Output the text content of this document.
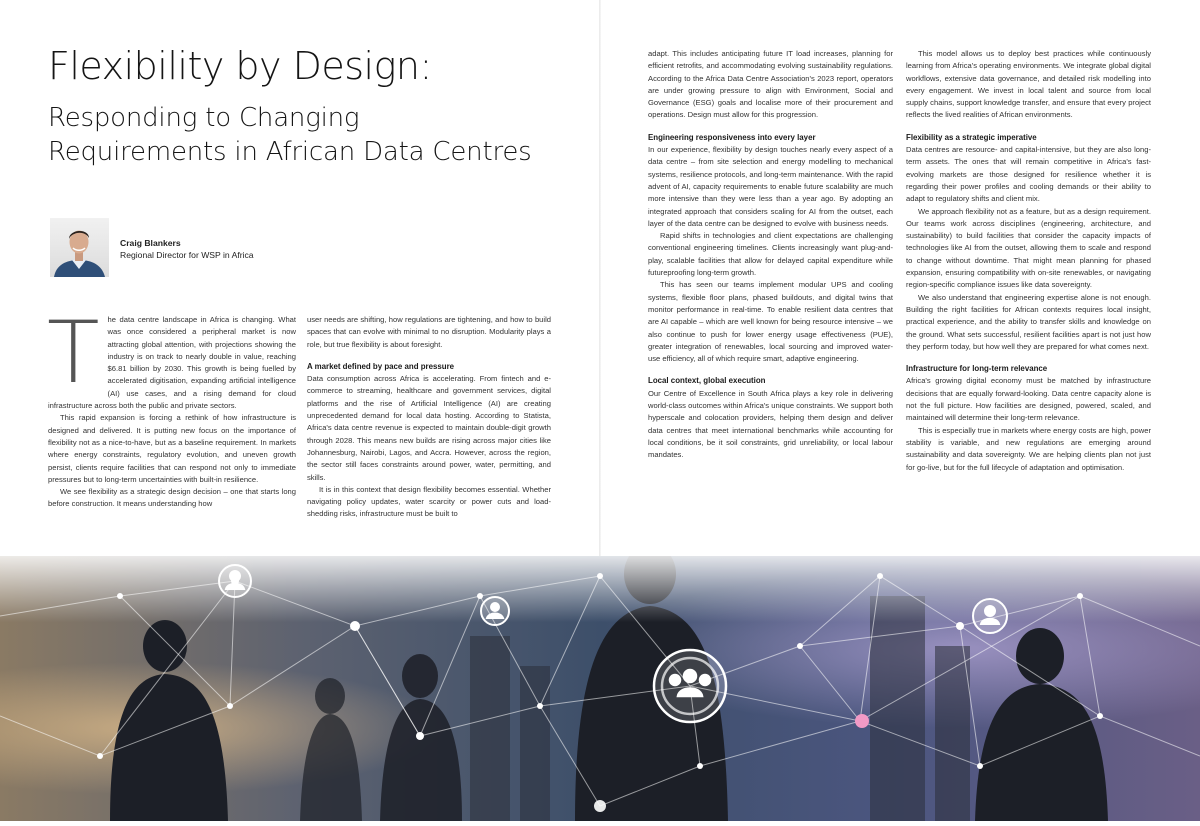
Flexibility by Design:
Responding to Changing
Requirements in African Data Centres
Craig Blankers
Regional Director for WSP in Africa

T he data centre landscape in Africa is changing. What was once considered a peripheral market is now attracting global attention, with projections showing the industry is on track to nearly double in value, reaching $6.81 billion by 2030. This growth is being fuelled by accelerated digitisation, expanding artificial intelligence (AI) use cases, and a rising demand for cloud infrastructure across both the public and private sectors.

This rapid expansion is forcing a rethink of how infrastructure is designed and delivered. It is putting new focus on the importance of flexibility not as a nice-to-have, but as a baseline requirement. In markets where energy constraints, regulatory evolution, and uneven growth persist, clients require facilities that can respond not only to immediate pressures but to long-term uncertainties with built-in resilience.

We see flexibility as a strategic design decision – one that starts long before construction. It means understanding how

user needs are shifting, how regulations are tightening, and how to build spaces that can evolve with minimal to no disruption. Modularity plays a role, but true flexibility is about foresight.

A market defined by pace and pressure

Data consumption across Africa is accelerating. From fintech and e-commerce to streaming, healthcare and government services, digital platforms and the rise of Artificial Intelligence (AI) are creating unprecedented demand for local data hosting. According to Statista, Africa's data centre revenue is expected to maintain double-digit growth through 2028. This means new builds are rising across major cities like Johannesburg, Nairobi, Lagos, and Accra. However, across the region, the sector still faces constraints around power, water, permitting, and skills.

It is in this context that design flexibility becomes essential. Whether navigating policy updates, water scarcity or power cuts and load-shedding risks, infrastructure must be built to

adapt. This includes anticipating future IT load increases, planning for efficient retrofits, and accommodating evolving sustainability regulations. According to the Africa Data Centre Association's 2023 report, operators are under growing pressure to align with Environment, Social and Governance (ESG) goals and localise more of their procurement and operations. Design must allow for this progression.

Engineering responsiveness into every layer

In our experience, flexibility by design touches nearly every aspect of a data centre – from site selection and energy modelling to mechanical systems, resilience protocols, and long-term maintenance. With the rapid advent of AI, capacity requirements to enable future scalability are much more intensive than they were less than a year ago. By adopting an integrated approach that considers scaling for AI from the outset, each layer of the data centre can be designed to evolve with business needs.

Rapid shifts in technologies and client expectations are challenging conventional engineering timelines. Clients increasingly want plug-and-play, scalable facilities that allow for delayed capital expenditure while futureproofing long-term growth.

This has seen our teams implement modular UPS and cooling systems, flexible floor plans, phased buildouts, and digital twins that monitor performance in real-time. To enable resilient data centres that are AI capable – which are well known for being resource intensive – we also continue to push for lower energy usage effectiveness (PUE), greater integration of renewables, local sourcing and improved water-use efficiency, all of which require smart, adaptive engineering.

Local context, global execution

Our Centre of Excellence in South Africa plays a key role in delivering world-class outcomes within Africa's unique constraints. We support both hyperscale and colocation providers, helping them design and deliver data centres that meet international benchmarks while accounting for local conditions, be it soil constraints, grid unreliability, or local labour mandates.

This model allows us to deploy best practices while continuously learning from Africa's operating environments. We integrate global digital workflows, extensive data governance, and detailed risk modelling into every engagement. We invest in local talent and source from local supply chains, support knowledge transfer, and ensure that every project reflects the lived realities of African environments.

Flexibility as a strategic imperative

Data centres are resource- and capital-intensive, but they are also long-term assets. The ones that will remain competitive in Africa's fast-evolving markets are those designed for resilience whether it is regarding their power profiles and cooling demands or their ability to adapt to regulatory shifts and client mix.

We approach flexibility not as a feature, but as a design requirement. Our teams work across disciplines (engineering, architecture, and sustainability) to build facilities that consider the capacity impacts of technologies like AI from the outset, allowing them to scale and respond to change without downtime. That might mean planning for phased expansion, ensuring compatibility with on-site renewables, or navigating region-specific compliance issues like data sovereignty.

We also understand that engineering expertise alone is not enough. Building the right facilities for African contexts requires local insight, practical experience, and the ability to transfer skills and knowledge on the ground. What sets successful, resilient facilities apart is not just how they perform today, but how well they are prepared for what comes next.

Infrastructure for long-term relevance

Africa's growing digital economy must be matched by infrastructure decisions that are equally forward-looking. Data centre capacity alone is not the full picture. How facilities are designed, powered, scaled, and maintained will determine their long-term relevance.

This is especially true in markets where energy costs are high, power stability is variable, and new regulations are emerging around sustainability and data sovereignty. We are helping clients plan not just for go-live, but for the full lifecycle of adaptation and optimisation.
